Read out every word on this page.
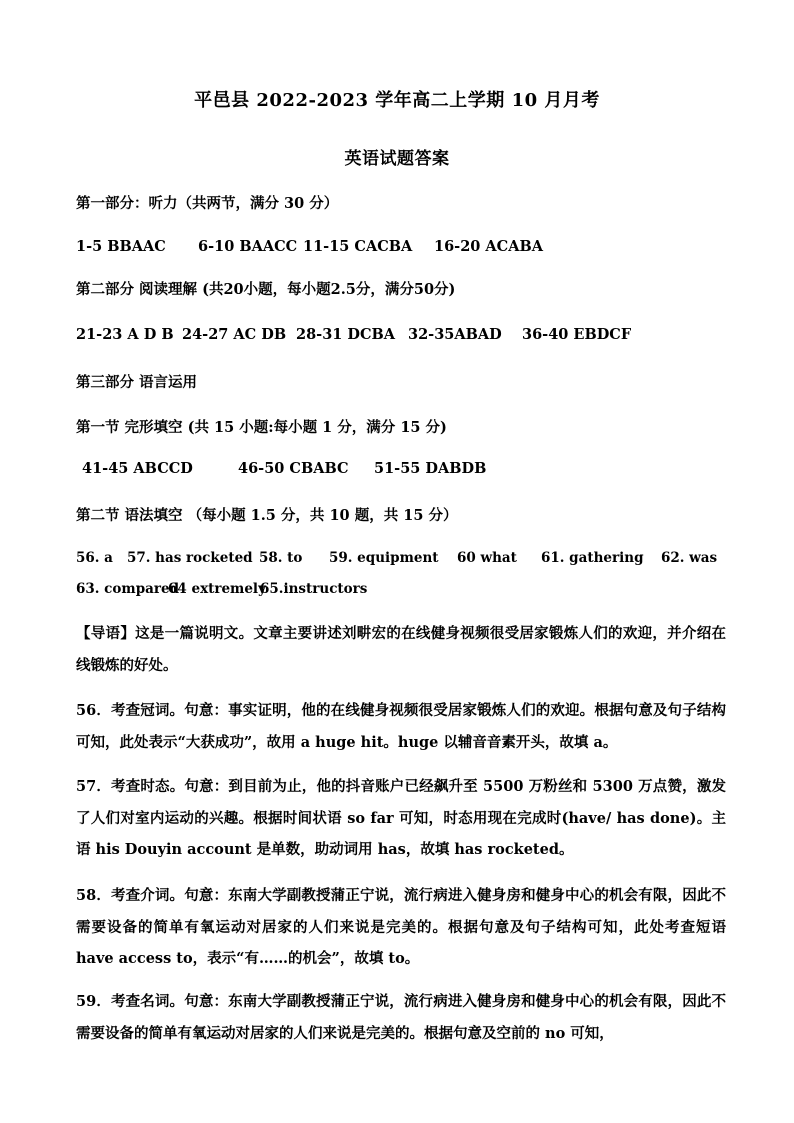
平邑县 2022-2023 学年高二上学期 10 月月考
英语试题答案
第一部分：听力（共两节，满分 30 分）
1-5 BBAAC 6-10 BAACC 11-15 CACBA 16-20 ACABA
第二部分 阅读理解 (共20小题，每小题2.5分，满分50分)
21-23 A D B 24-27 AC DB 28-31 DCBA 32-35ABAD 36-40 EBDCF
第三部分 语言运用
第一节 完形填空 (共 15 小题:每小题 1 分，满分 15 分)
41-45 ABCCD	46-50 CBABC 51-55 DABDB
第二节 语法填空 （每小题 1.5 分，共 10 题，共 15 分）
56. a 57. has rocketed 58. to 59. equipment 60 what 61. gathering 62. was
63. compared64 extremely65.instructors
【导语】这是一篇说明文。文章主要讲述刘畊宏的在线健身视频很受居家锻炼人们的欢迎，并介绍在线锻炼的好处。
56．考查冠词。句意：事实证明，他的在线健身视频很受居家锻炼人们的欢迎。根据句意及句子结构可知，此处表示“大获成功”，故用 a huge hit。huge 以辅音音素开头，故填 a。
57．考查时态。句意：到目前为止，他的抖音账户已经飙升至 5500 万粉丝和 5300 万点赞，激发了人们对室内运动的兴趣。根据时间状语 so far 可知，时态用现在完成时(have/ has done)。主语 his Douyin account 是单数，助动词用 has，故填 has rocketed。
58．考查介词。句意：东南大学副教授蒲正宁说，流行病进入健身房和健身中心的机会有限，因此不需要设备的简单有氧运动对居家的人们来说是完美的。根据句意及句子结构可知，此处考查短语 have access to，表示“有……的机会”，故填 to。
59．考查名词。句意：东南大学副教授蒲正宁说，流行病进入健身房和健身中心的机会有限，因此不需要设备的简单有氧运动对居家的人们来说是完美的。根据句意及空前的 no 可知，
